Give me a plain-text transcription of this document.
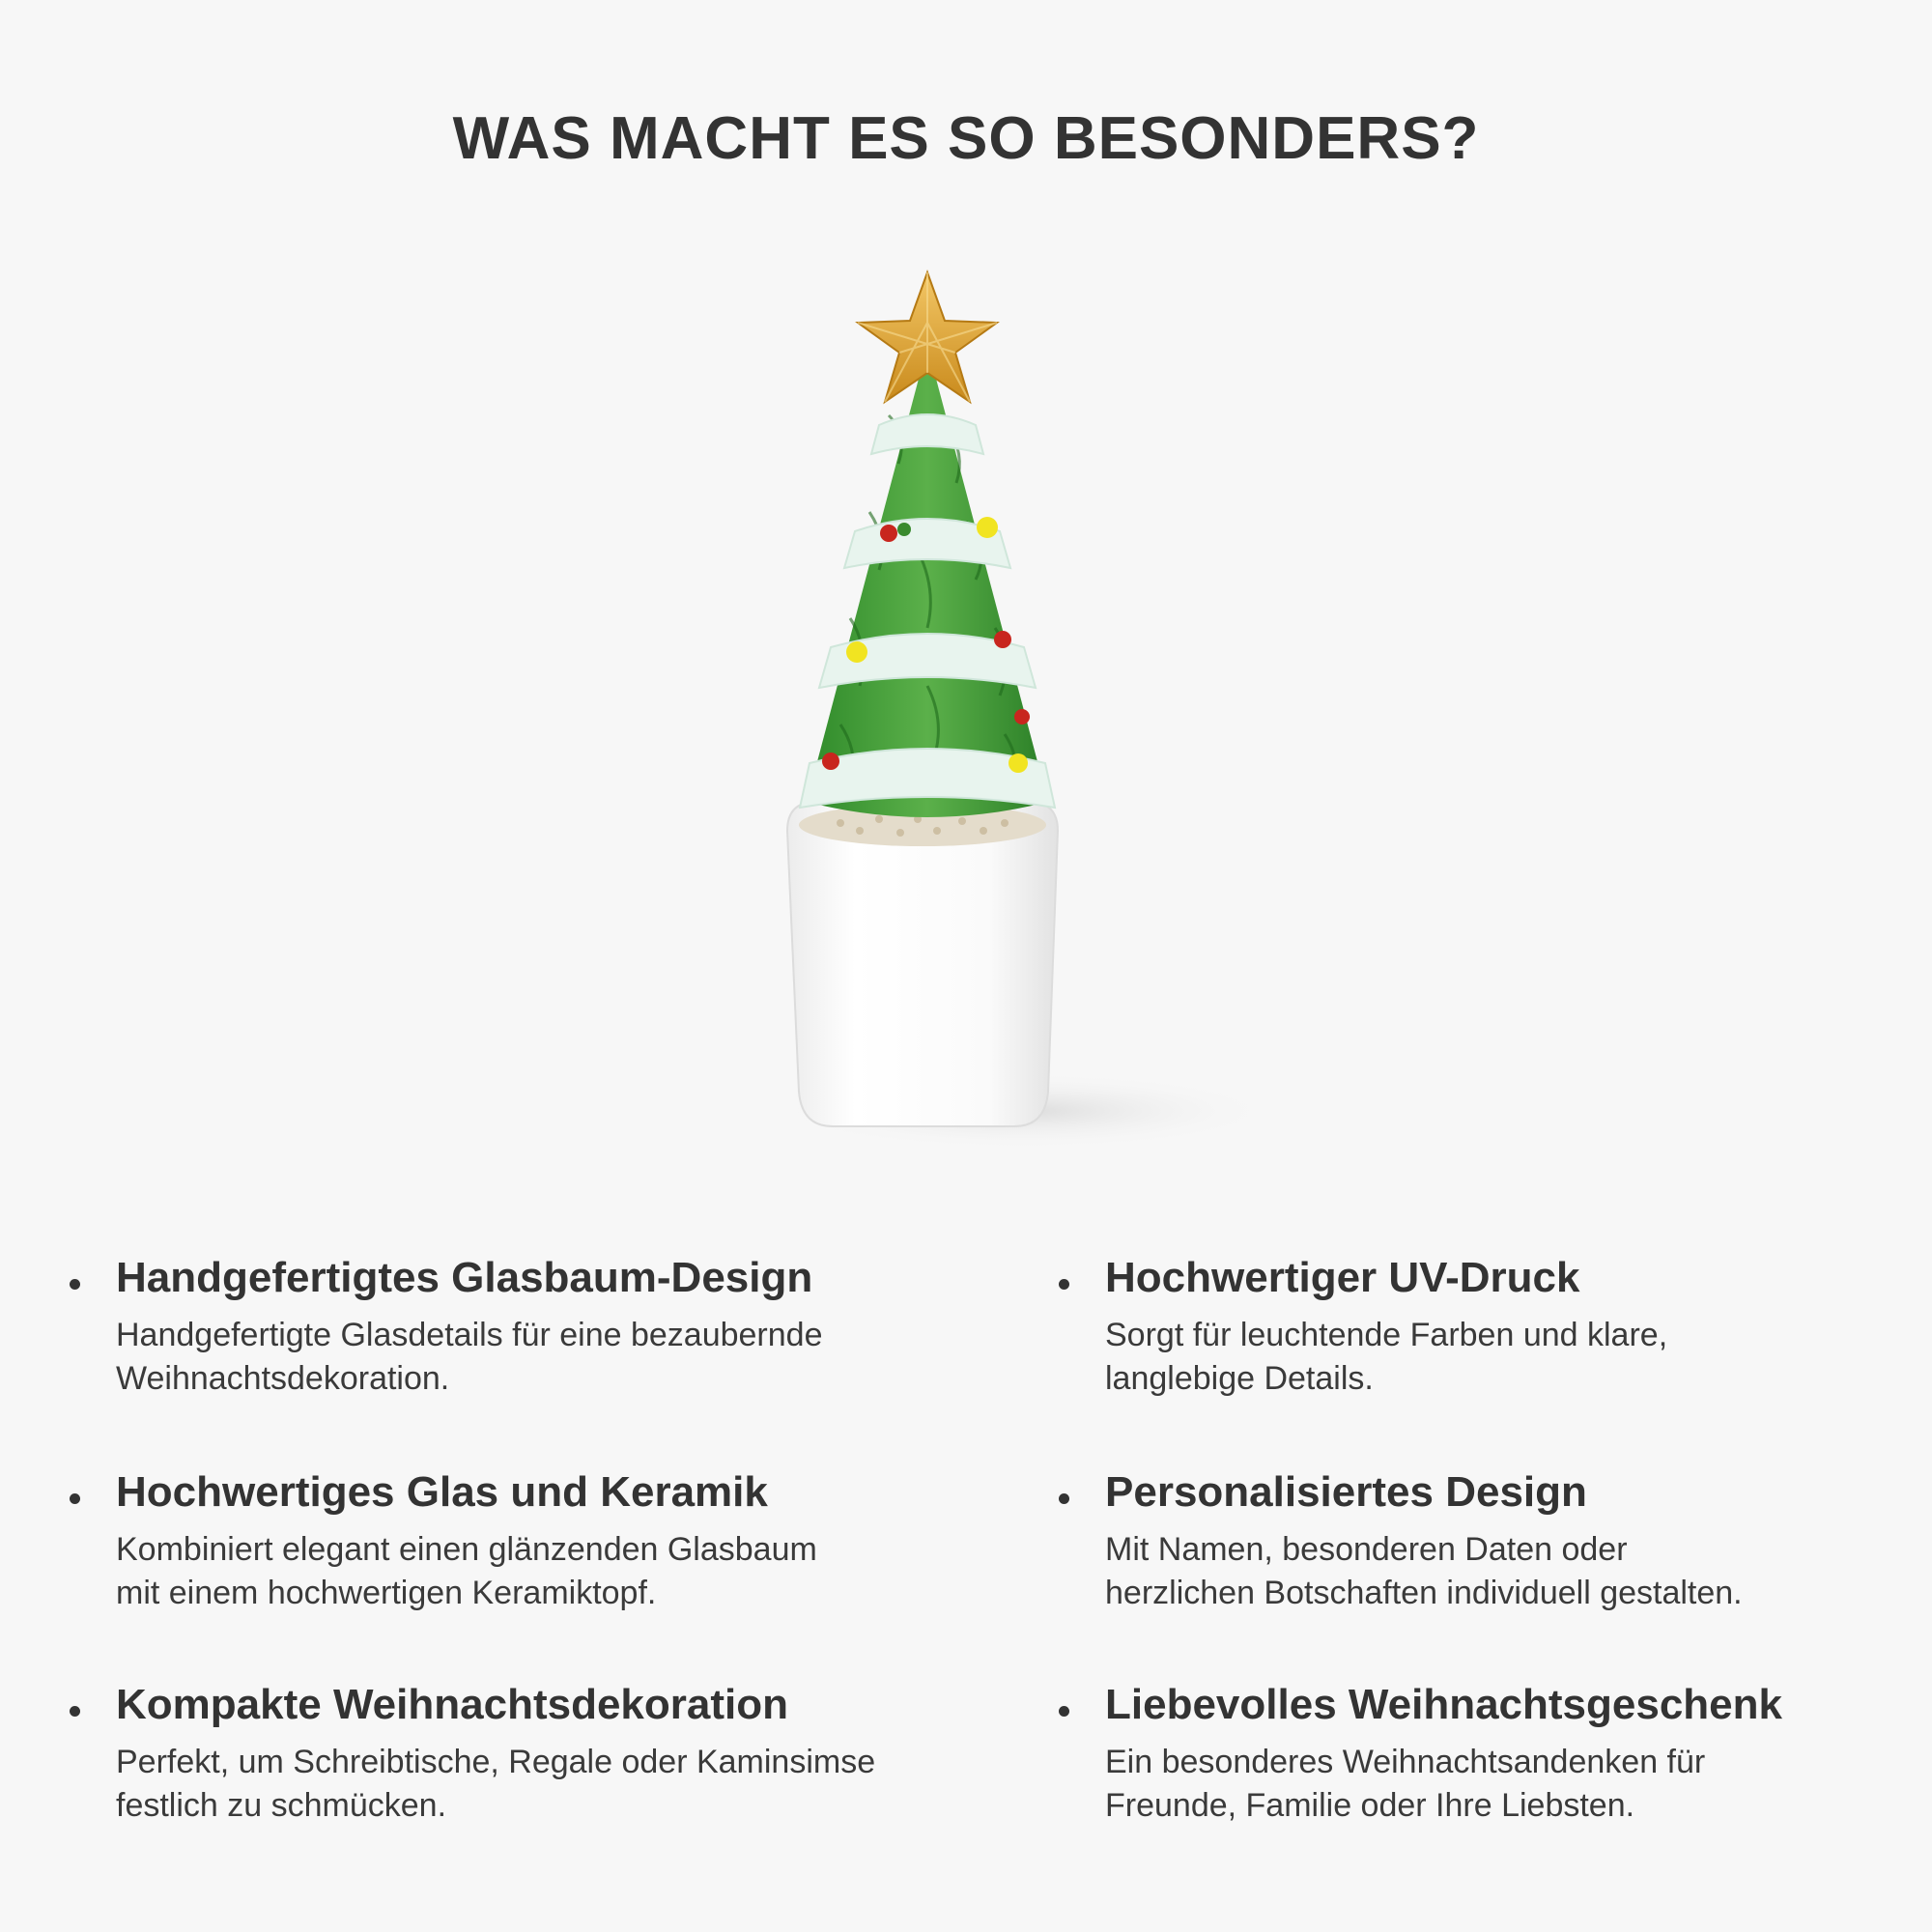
WAS MACHT ES SO BESONDERS?
Handgefertigtes Glasbaum-Design
Handgefertigte Glasdetails für eine bezaubernde
Weihnachtsdekoration.
Hochwertiger UV-Druck
Sorgt für leuchtende Farben und klare,
langlebige Details.
Hochwertiges Glas und Keramik
Kombiniert elegant einen glänzenden Glasbaum
mit einem hochwertigen Keramiktopf.
Personalisiertes Design
Mit Namen, besonderen Daten oder
herzlichen Botschaften individuell gestalten.
Kompakte Weihnachtsdekoration
Perfekt, um Schreibtische, Regale oder Kaminsimse
festlich zu schmücken.
Liebevolles Weihnachtsgeschenk
Ein besonderes Weihnachtsandenken für
Freunde, Familie oder Ihre Liebsten.
